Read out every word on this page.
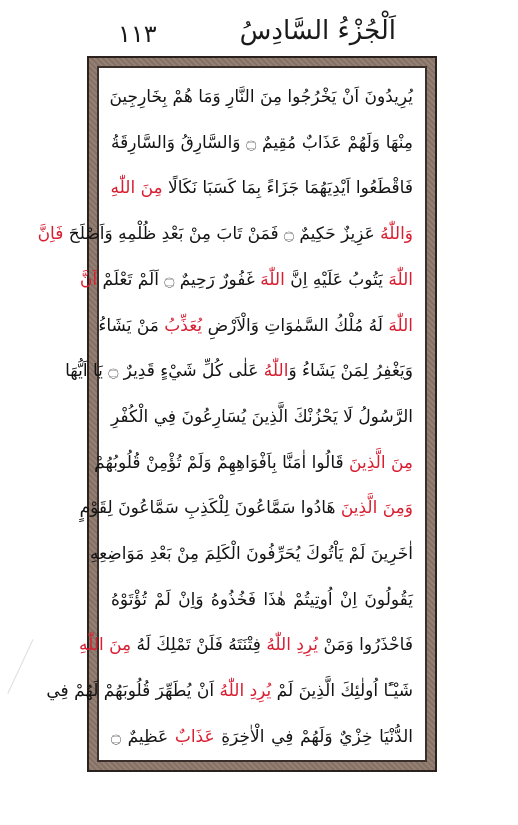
١١٣	اَلْجُزْءُ السَّادِسُ
يُرِيدُونَ اَنْ يَخْرُجُوا مِنَ النَّارِ وَمَا هُمْ بِخَارِجِينَ
مِنْهَا وَلَهُمْ عَذَابٌ مُقِيمٌ ۝ وَالسَّارِقُ وَالسَّارِقَةُ
فَاقْطَعُوا اَيْدِيَهُمَا جَزَاءً بِمَا كَسَبَا نَكَالًا مِنَ اللّٰهِ
وَاللّٰهُ عَزِيزٌ حَكِيمٌ ۝ فَمَنْ تَابَ مِنْ بَعْدِ ظُلْمِهِ وَاَصْلَحَ فَاِنَّ
اللّٰهَ يَتُوبُ عَلَيْهِ اِنَّ اللّٰهَ غَفُورٌ رَحِيمٌ ۝ اَلَمْ تَعْلَمْ اَنَّ
اللّٰهَ لَهُ مُلْكُ السَّمٰوَاتِ وَالْاَرْضِ يُعَذِّبُ مَنْ يَشَاءُ
وَيَغْفِرُ لِمَنْ يَشَاءُ وَاللّٰهُ عَلٰى كُلِّ شَيْءٍ قَدِيرٌ ۝ يَا اَيُّهَا
الرَّسُولُ لَا يَحْزُنْكَ الَّذِينَ يُسَارِعُونَ فِي الْكُفْرِ
مِنَ الَّذِينَ قَالُوا اٰمَنَّا بِاَفْوَاهِهِمْ وَلَمْ تُؤْمِنْ قُلُوبُهُمْ
وَمِنَ الَّذِينَ هَادُوا سَمَّاعُونَ لِلْكَذِبِ سَمَّاعُونَ لِقَوْمٍ
اٰخَرِينَ لَمْ يَاْتُوكَ يُحَرِّفُونَ الْكَلِمَ مِنْ بَعْدِ مَوَاضِعِهِ
يَقُولُونَ اِنْ اُوتِيتُمْ هٰذَا فَخُذُوهُ وَاِنْ لَمْ تُؤْتَوْهُ
فَاحْذَرُوا وَمَنْ يُرِدِ اللّٰهُ فِتْنَتَهُ فَلَنْ تَمْلِكَ لَهُ مِنَ اللّٰهِ
شَيْـًٔا اُولٰئِكَ الَّذِينَ لَمْ يُرِدِ اللّٰهُ اَنْ يُطَهِّرَ قُلُوبَهُمْ لَهُمْ فِي
الدُّنْيَا خِزْيٌ وَلَهُمْ فِي الْاٰخِرَةِ عَذَابٌ عَظِيمٌ ۝
